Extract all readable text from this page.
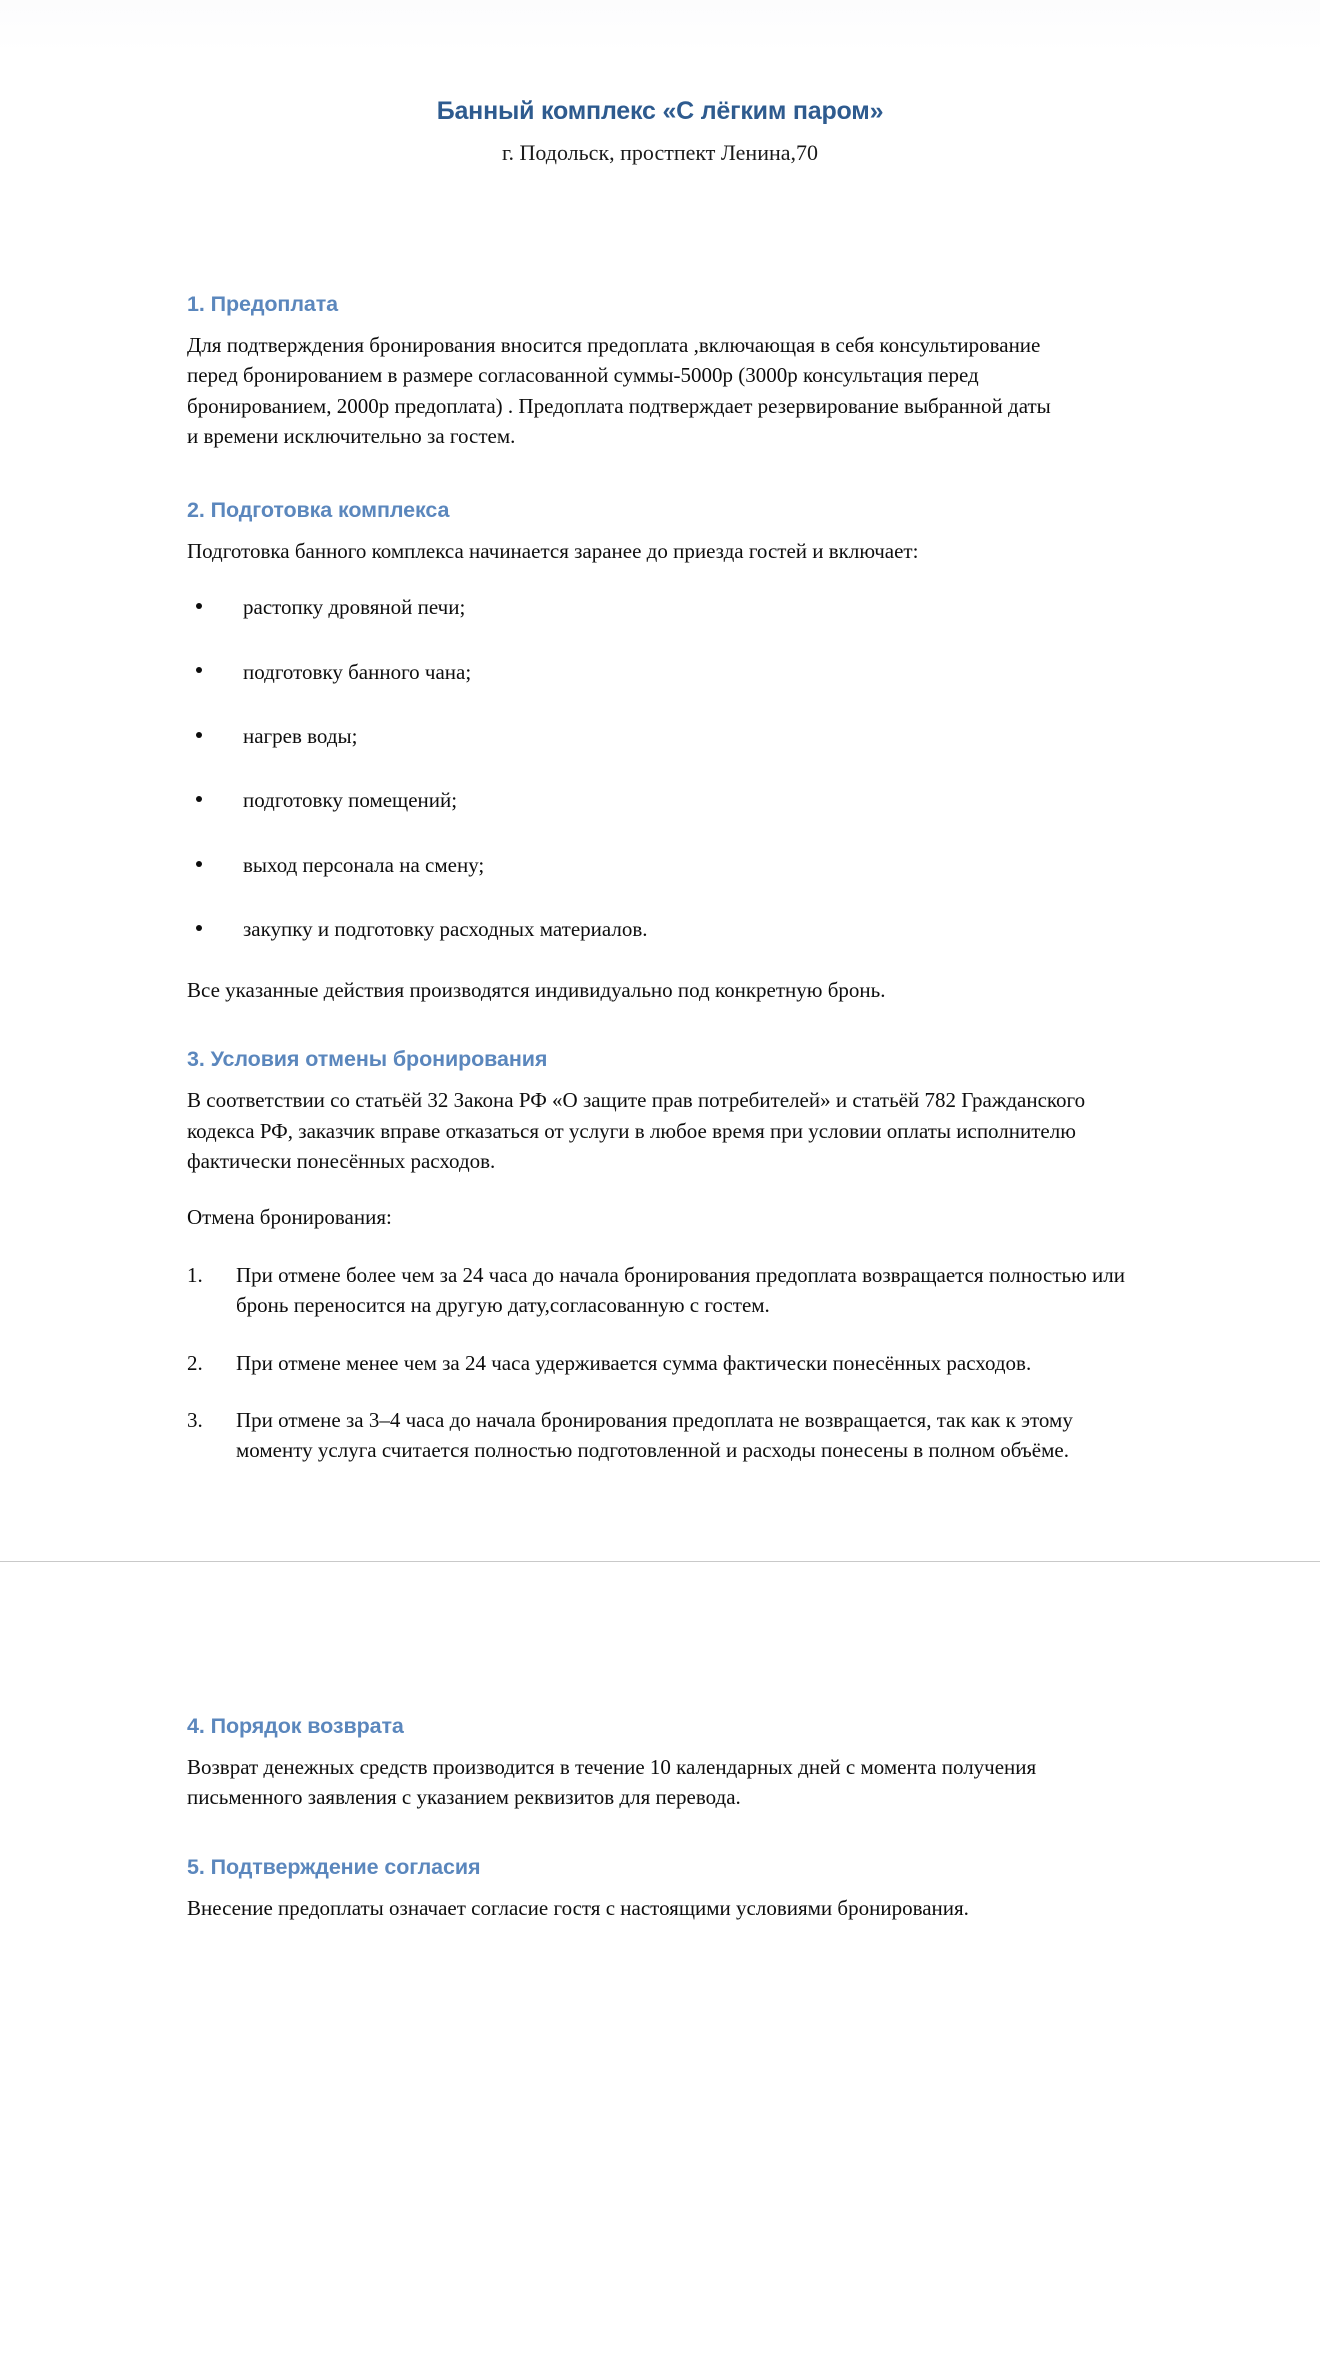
Банный комплекс «С лёгким паром»

г. Подольск, простпект Ленина,70

1. Предоплата

Для подтверждения бронирования вносится предоплата ,включающая в себя консультирование перед бронированием в размере согласованной суммы-5000р (3000р консультация перед бронированием, 2000р предоплата) . Предоплата подтверждает резервирование выбранной даты и времени исключительно за гостем.

2. Подготовка комплекса

Подготовка банного комплекса начинается заранее до приезда гостей и включает:

растопку дровяной печи;
подготовку банного чана;
нагрев воды;
подготовку помещений;
выход персонала на смену;
закупку и подготовку расходных материалов.

Все указанные действия производятся индивидуально под конкретную бронь.

3. Условия отмены бронирования

В соответствии со статьёй 32 Закона РФ «О защите прав потребителей» и статьёй 782 Гражданского кодекса РФ, заказчик вправе отказаться от услуги в любое время при условии оплаты исполнителю фактически понесённых расходов.

Отмена бронирования:

1. При отмене более чем за 24 часа до начала бронирования предоплата возвращается полностью или бронь переносится на другую дату,согласованную с гостем.
2. При отмене менее чем за 24 часа удерживается сумма фактически понесённых расходов.
3. При отмене за 3–4 часа до начала бронирования предоплата не возвращается, так как к этому моменту услуга считается полностью подготовленной и расходы понесены в полном объёме.
4. Порядок возврата

Возврат денежных средств производится в течение 10 календарных дней с момента получения письменного заявления с указанием реквизитов для перевода.

5. Подтверждение согласия

Внесение предоплаты означает согласие гостя с настоящими условиями бронирования.
